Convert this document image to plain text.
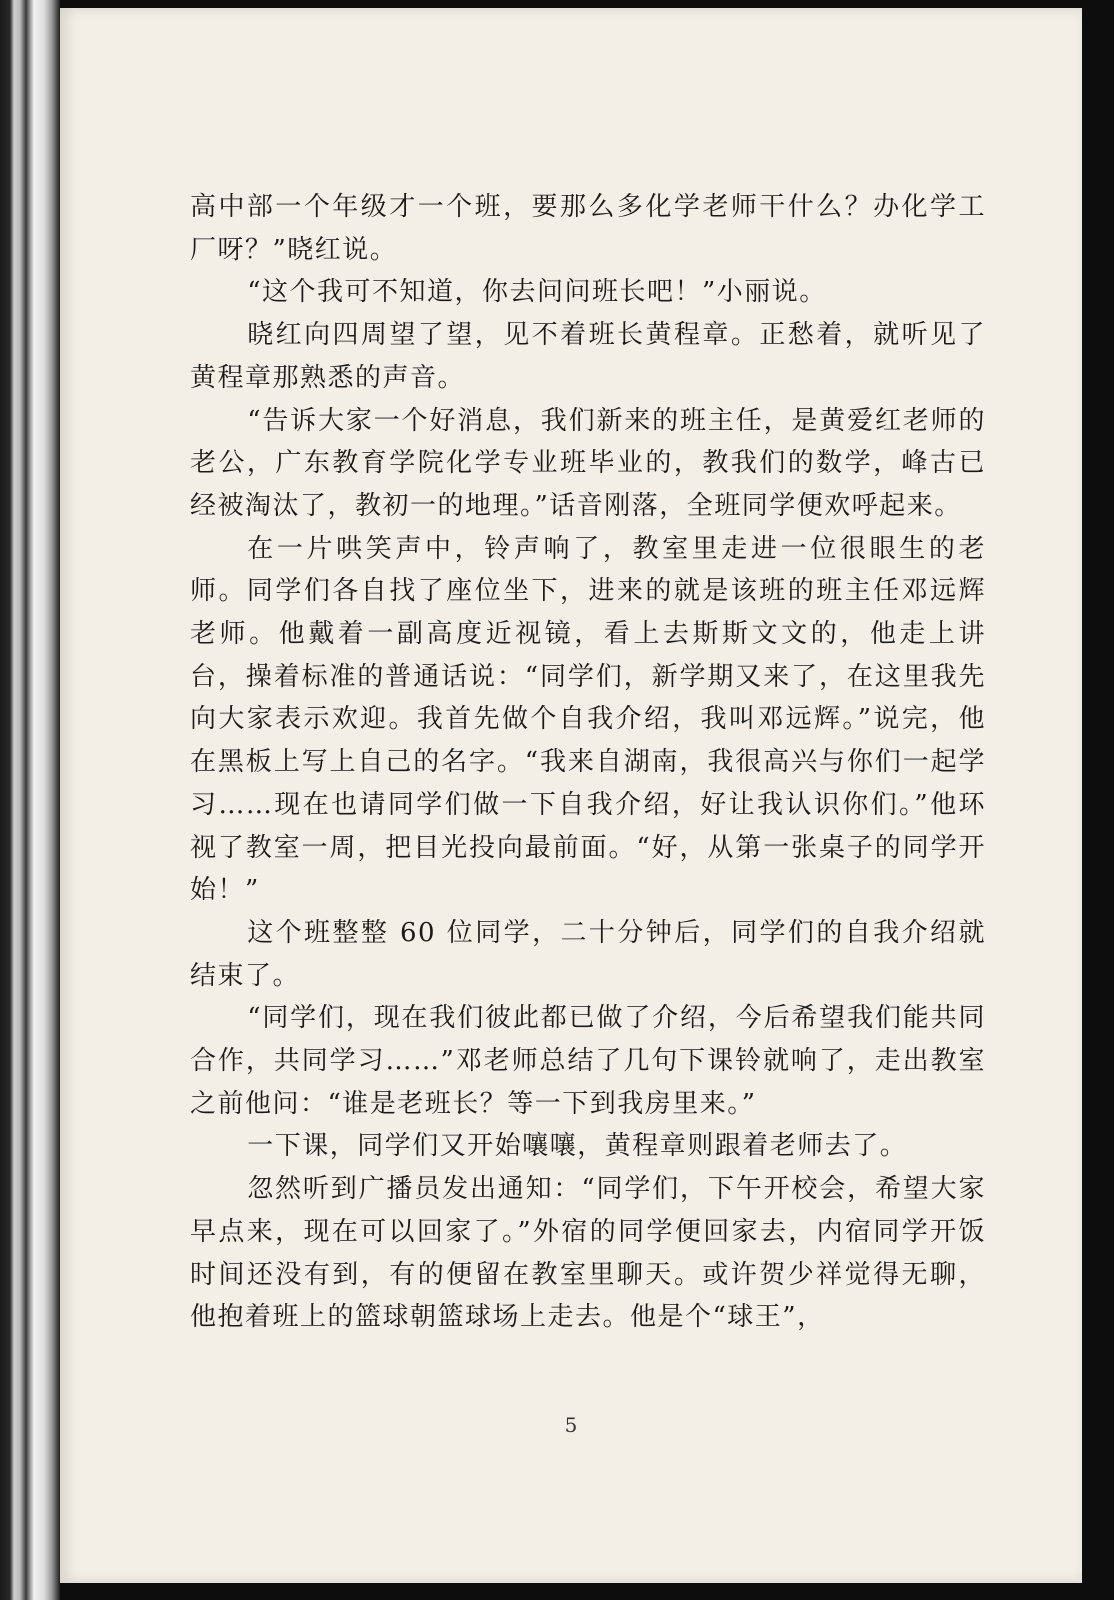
高中部一个年级才一个班，要那么多化学老师干什么？办化学工厂呀？”晓红说。

“这个我可不知道，你去问问班长吧！”小丽说。

晓红向四周望了望，见不着班长黄程章。正愁着，就听见了黄程章那熟悉的声音。

“告诉大家一个好消息，我们新来的班主任，是黄爱红老师的老公，广东教育学院化学专业班毕业的，教我们的数学，峰古已经被淘汰了，教初一的地理。”话音刚落，全班同学便欢呼起来。

在一片哄笑声中，铃声响了，教室里走进一位很眼生的老师。同学们各自找了座位坐下，进来的就是该班的班主任邓远辉老师。他戴着一副高度近视镜，看上去斯斯文文的，他走上讲台，操着标准的普通话说：“同学们，新学期又来了，在这里我先向大家表示欢迎。我首先做个自我介绍，我叫邓远辉。”说完，他在黑板上写上自己的名字。“我来自湖南，我很高兴与你们一起学习……现在也请同学们做一下自我介绍，好让我认识你们。”他环视了教室一周，把目光投向最前面。“好，从第一张桌子的同学开始！”

这个班整整 60 位同学，二十分钟后，同学们的自我介绍就结束了。

“同学们，现在我们彼此都已做了介绍，今后希望我们能共同合作，共同学习……”邓老师总结了几句下课铃就响了，走出教室之前他问：“谁是老班长？等一下到我房里来。”

一下课，同学们又开始嚷嚷，黄程章则跟着老师去了。

忽然听到广播员发出通知：“同学们，下午开校会，希望大家早点来，现在可以回家了。”外宿的同学便回家去，内宿同学开饭时间还没有到，有的便留在教室里聊天。或许贺少祥觉得无聊，他抱着班上的篮球朝篮球场上走去。他是个“球王”，

5
